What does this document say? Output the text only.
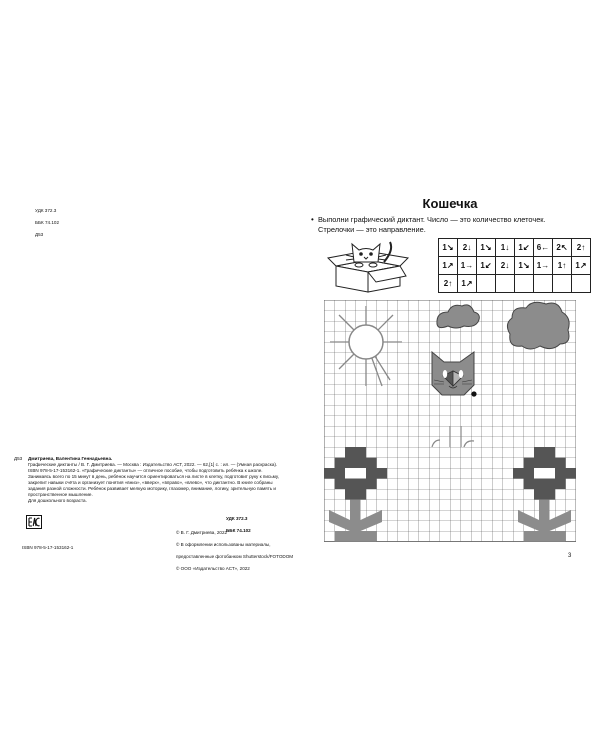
УДК 372.3

ББК 74.102

Д53

Д53 Дмитриева, Валентина Геннадьевна.
Графические диктанты / В. Г. Дмитриева. — Москва : Издательство АСТ, 2022. — 62,[1] с. : ил. — (Умная раскраска). ISBN 978-5-17-153162-1. «Графические диктанты» — отличное пособие, чтобы подготовить ребёнка к школе. Занимаясь всего по 15 минут в день, ребёнок научится ориентироваться на листе в клетку, подготовит руку к письму, закрепит навыки счёта и организует понятия «вниз», «вверх», «вправо», «влево», что диктантно. В книге собраны задания разной сложности. Ребёнок развивает мелкую моторику, глазомер, внимание, логику, зрительную память и пространственное мышление.
Для дошкольного возраста.

УДК 372.3

ББК 74.102

© В. Г. Дмитриева, 2022

© В оформлении использованы материалы,

предоставленные фотобанком Shutterstock/FOTODOM

© ООО «Издательство АСТ», 2022

ISBN 978-5-17-153162-1
Кошечка
• Выполни графический диктант. Число — это количество клеточек.

Стрелочки — это направление.

1↘	2↓	1↘	1↓	1↙	6←	2↖	2↑
1↗	1→	1↙	2↓	1↘	1→	1↑	1↗
2↑	1↗						
3
